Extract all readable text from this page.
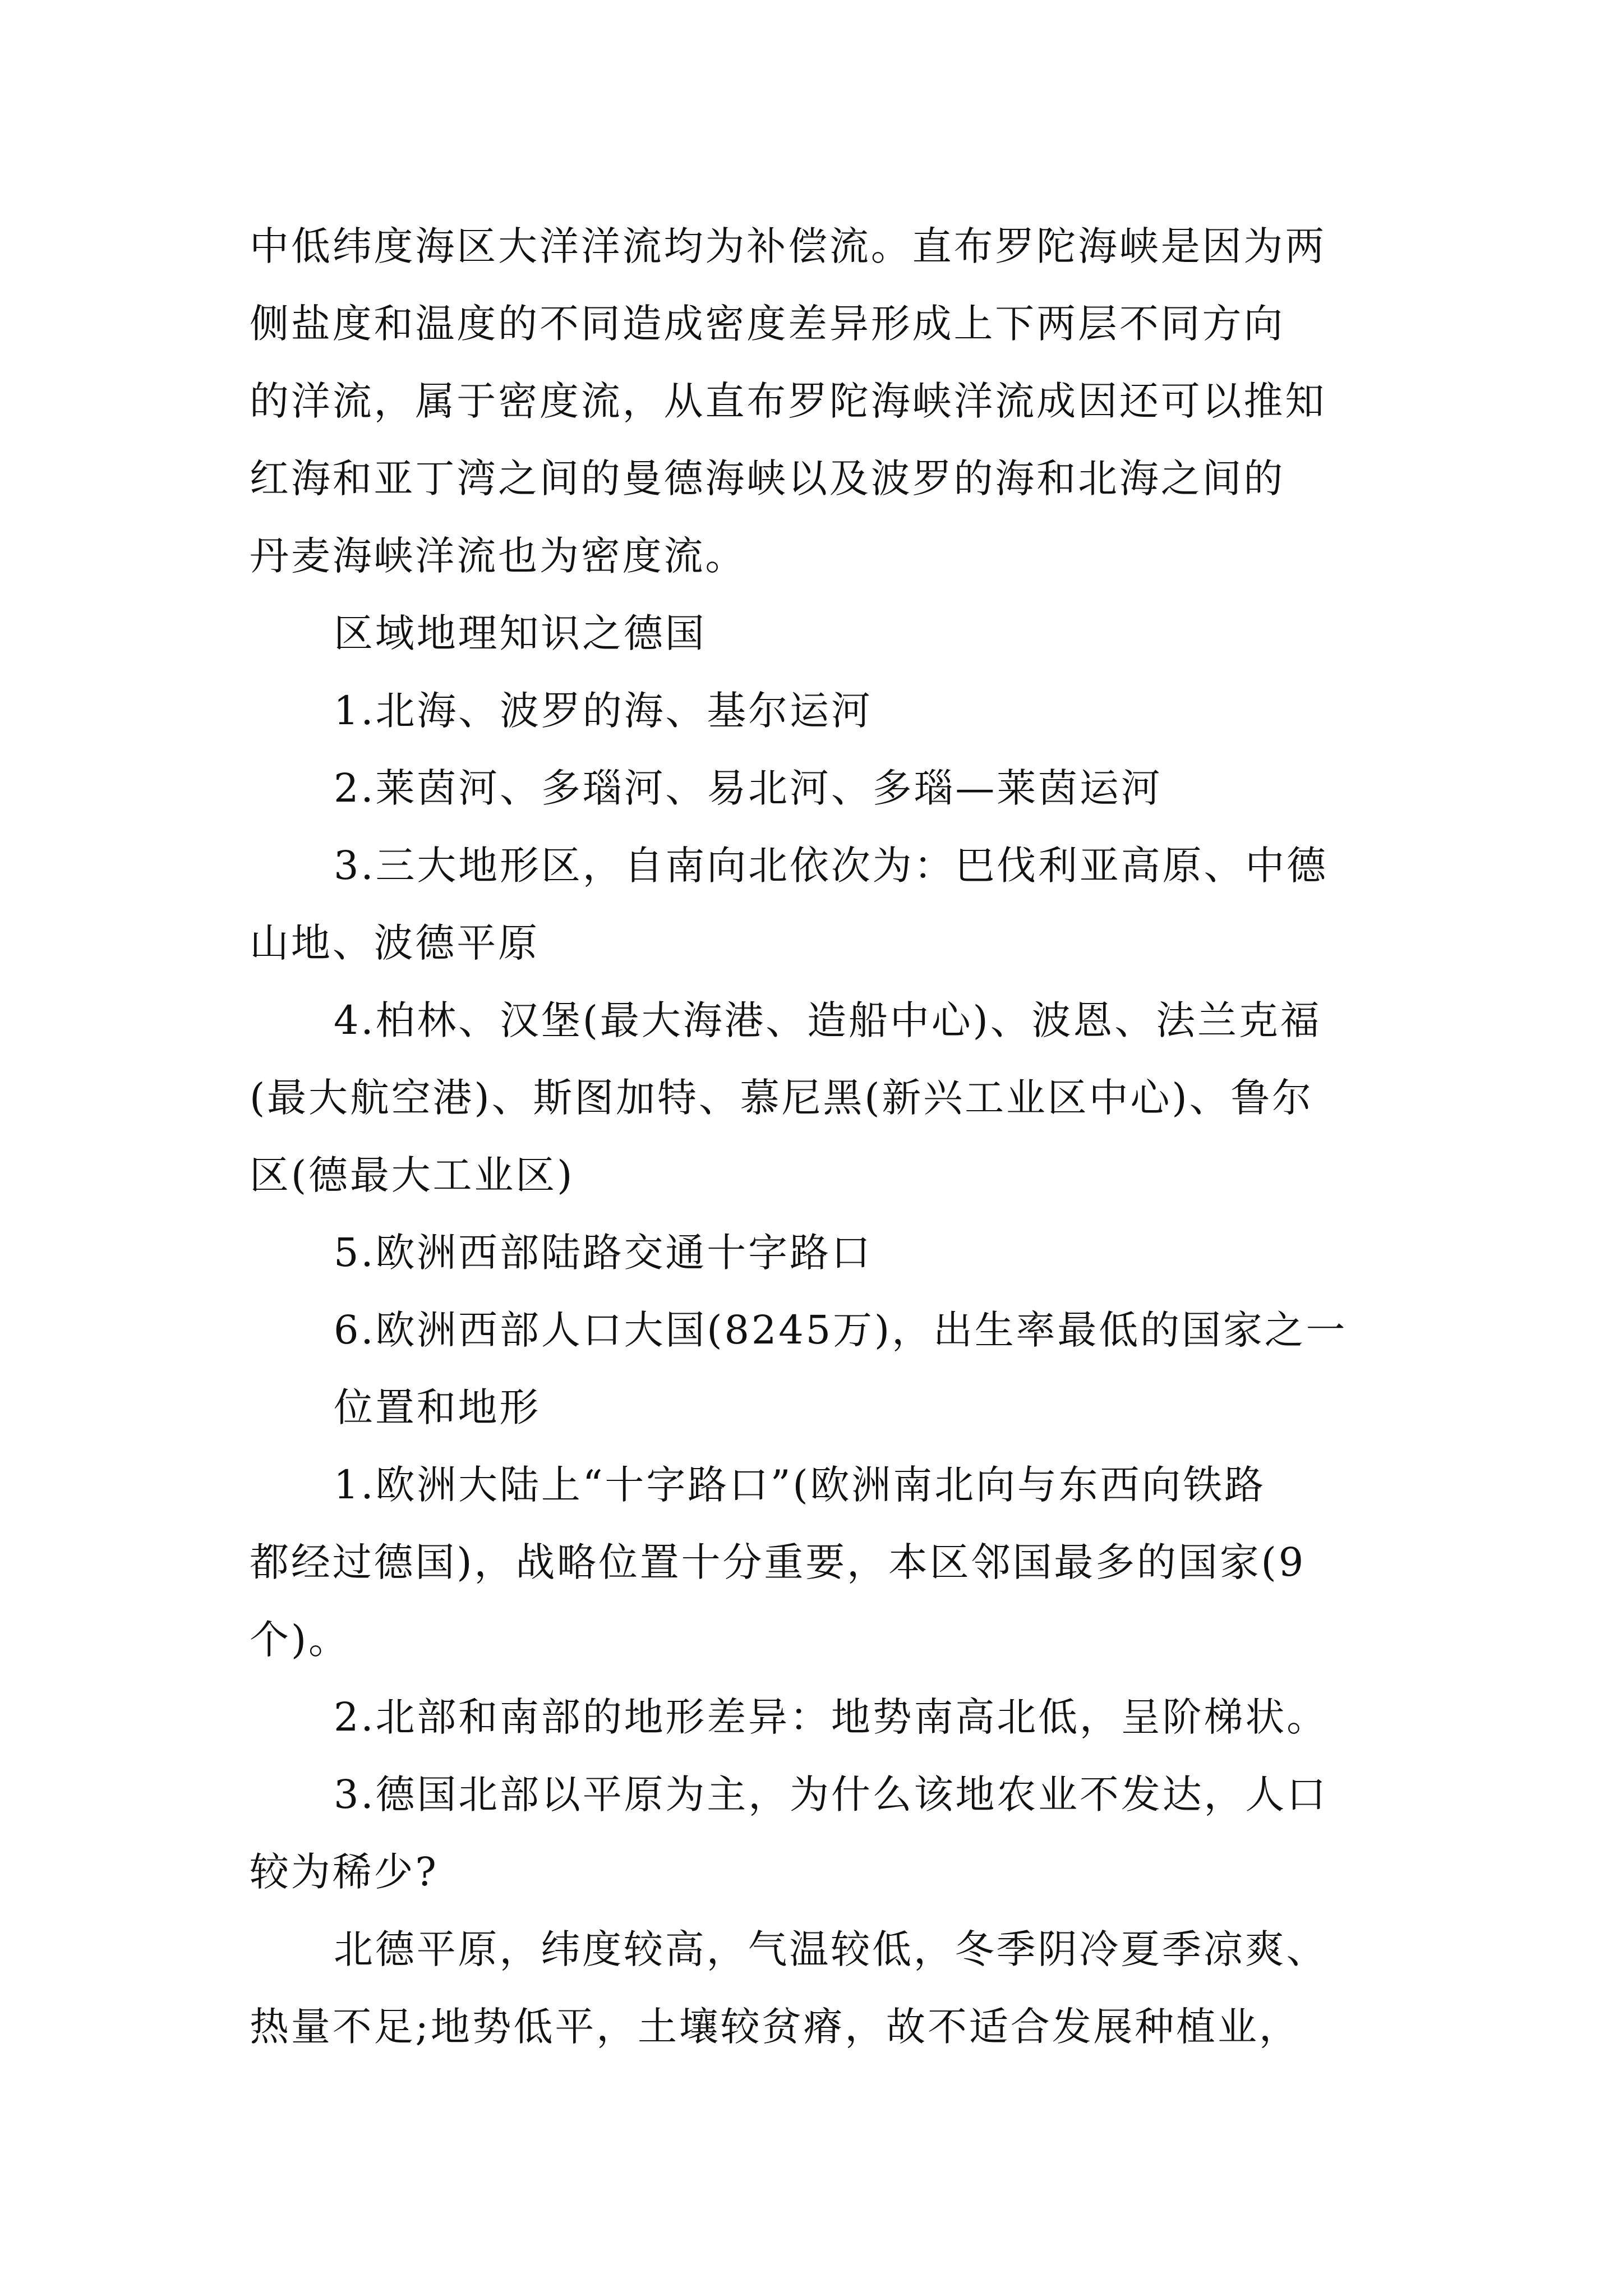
中低纬度海区大洋洋流均为补偿流。直布罗陀海峡是因为两
侧盐度和温度的不同造成密度差异形成上下两层不同方向
的洋流，属于密度流，从直布罗陀海峡洋流成因还可以推知
红海和亚丁湾之间的曼德海峡以及波罗的海和北海之间的
丹麦海峡洋流也为密度流。
区域地理知识之德国
1.北海、波罗的海、基尔运河
2.莱茵河、多瑙河、易北河、多瑙—莱茵运河
3.三大地形区，自南向北依次为：巴伐利亚高原、中德
山地、波德平原
4.柏林、汉堡(最大海港、造船中心)、波恩、法兰克福
(最大航空港)、斯图加特、慕尼黑(新兴工业区中心)、鲁尔
区(德最大工业区)
5.欧洲西部陆路交通十字路口
6.欧洲西部人口大国(8245万)，出生率最低的国家之一
位置和地形
1.欧洲大陆上“十字路口”(欧洲南北向与东西向铁路
都经过德国)，战略位置十分重要，本区邻国最多的国家(9
个)。
2.北部和南部的地形差异：地势南高北低，呈阶梯状。
3.德国北部以平原为主，为什么该地农业不发达，人口
较为稀少?
北德平原，纬度较高，气温较低，冬季阴冷夏季凉爽、
热量不足;地势低平，土壤较贫瘠，故不适合发展种植业，
